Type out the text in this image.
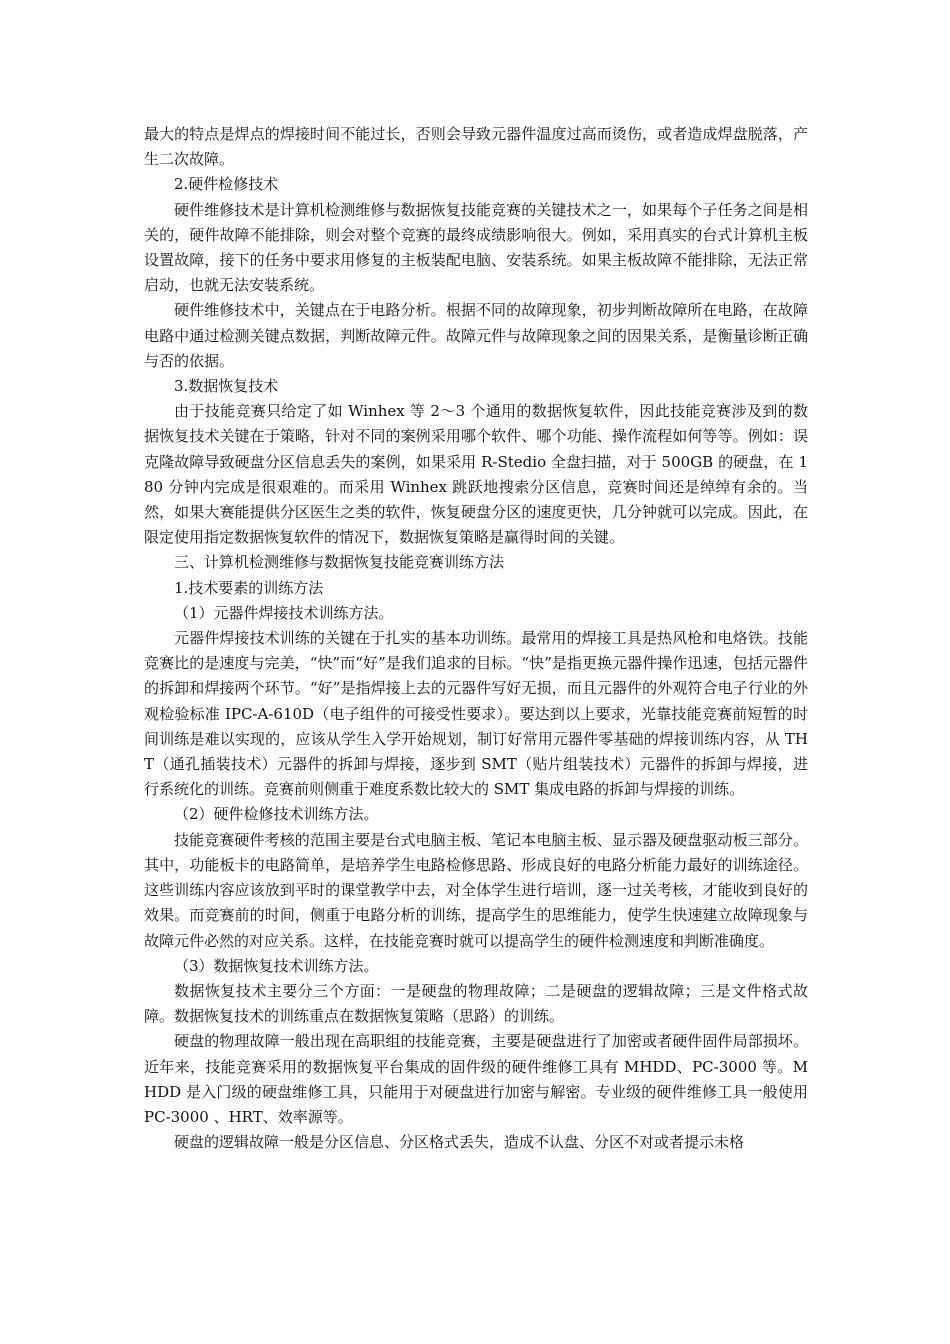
最大的特点是焊点的焊接时间不能过长，否则会导致元器件温度过高而烫伤，或者造成焊盘脱落，产生二次故障。

2.硬件检修技术

硬件维修技术是计算机检测维修与数据恢复技能竞赛的关键技术之一，如果每个子任务之间是相关的，硬件故障不能排除，则会对整个竞赛的最终成绩影响很大。例如，采用真实的台式计算机主板设置故障，接下的任务中要求用修复的主板装配电脑、安装系统。如果主板故障不能排除，无法正常启动，也就无法安装系统。

硬件维修技术中，关键点在于电路分析。根据不同的故障现象，初步判断故障所在电路，在故障电路中通过检测关键点数据，判断故障元件。故障元件与故障现象之间的因果关系，是衡量诊断正确与否的依据。

3.数据恢复技术

由于技能竞赛只给定了如 Winhex 等 2～3 个通用的数据恢复软件，因此技能竞赛涉及到的数据恢复技术关键在于策略，针对不同的案例采用哪个软件、哪个功能、操作流程如何等等。例如：误克隆故障导致硬盘分区信息丢失的案例，如果采用 R-Stedio 全盘扫描，对于 500GB 的硬盘，在 180 分钟内完成是很艰难的。而采用 Winhex 跳跃地搜索分区信息，竞赛时间还是绰绰有余的。当然，如果大赛能提供分区医生之类的软件，恢复硬盘分区的速度更快，几分钟就可以完成。因此，在限定使用指定数据恢复软件的情况下，数据恢复策略是赢得时间的关键。

三、计算机检测维修与数据恢复技能竞赛训练方法

1.技术要素的训练方法

（1）元器件焊接技术训练方法。

元器件焊接技术训练的关键在于扎实的基本功训练。最常用的焊接工具是热风枪和电烙铁。技能竞赛比的是速度与完美，“快”而“好”是我们追求的目标。“快”是指更换元器件操作迅速，包括元器件的拆卸和焊接两个环节。“好”是指焊接上去的元器件写好无损，而且元器件的外观符合电子行业的外观检验标准 IPC-A-610D（电子组件的可接受性要求）。要达到以上要求，光靠技能竞赛前短暂的时间训练是难以实现的，应该从学生入学开始规划，制订好常用元器件零基础的焊接训练内容，从 THT（通孔插装技术）元器件的拆卸与焊接，逐步到 SMT（贴片组装技术）元器件的拆卸与焊接，进行系统化的训练。竞赛前则侧重于难度系数比较大的 SMT 集成电路的拆卸与焊接的训练。

（2）硬件检修技术训练方法。

技能竞赛硬件考核的范围主要是台式电脑主板、笔记本电脑主板、显示器及硬盘驱动板三部分。其中，功能板卡的电路简单，是培养学生电路检修思路、形成良好的电路分析能力最好的训练途径。这些训练内容应该放到平时的课堂教学中去，对全体学生进行培训，逐一过关考核，才能收到良好的效果。而竞赛前的时间，侧重于电路分析的训练，提高学生的思维能力，使学生快速建立故障现象与故障元件必然的对应关系。这样，在技能竞赛时就可以提高学生的硬件检测速度和判断准确度。

（3）数据恢复技术训练方法。

数据恢复技术主要分三个方面：一是硬盘的物理故障；二是硬盘的逻辑故障；三是文件格式故障。数据恢复技术的训练重点在数据恢复策略（思路）的训练。

硬盘的物理故障一般出现在高职组的技能竞赛，主要是硬盘进行了加密或者硬件固件局部损坏。近年来，技能竞赛采用的数据恢复平台集成的固件级的硬件维修工具有 MHDD、PC-3000 等。MHDD 是入门级的硬盘维修工具，只能用于对硬盘进行加密与解密。专业级的硬件维修工具一般使用 PC-3000 、HRT、效率源等。

硬盘的逻辑故障一般是分区信息、分区格式丢失，造成不认盘、分区不对或者提示未格
